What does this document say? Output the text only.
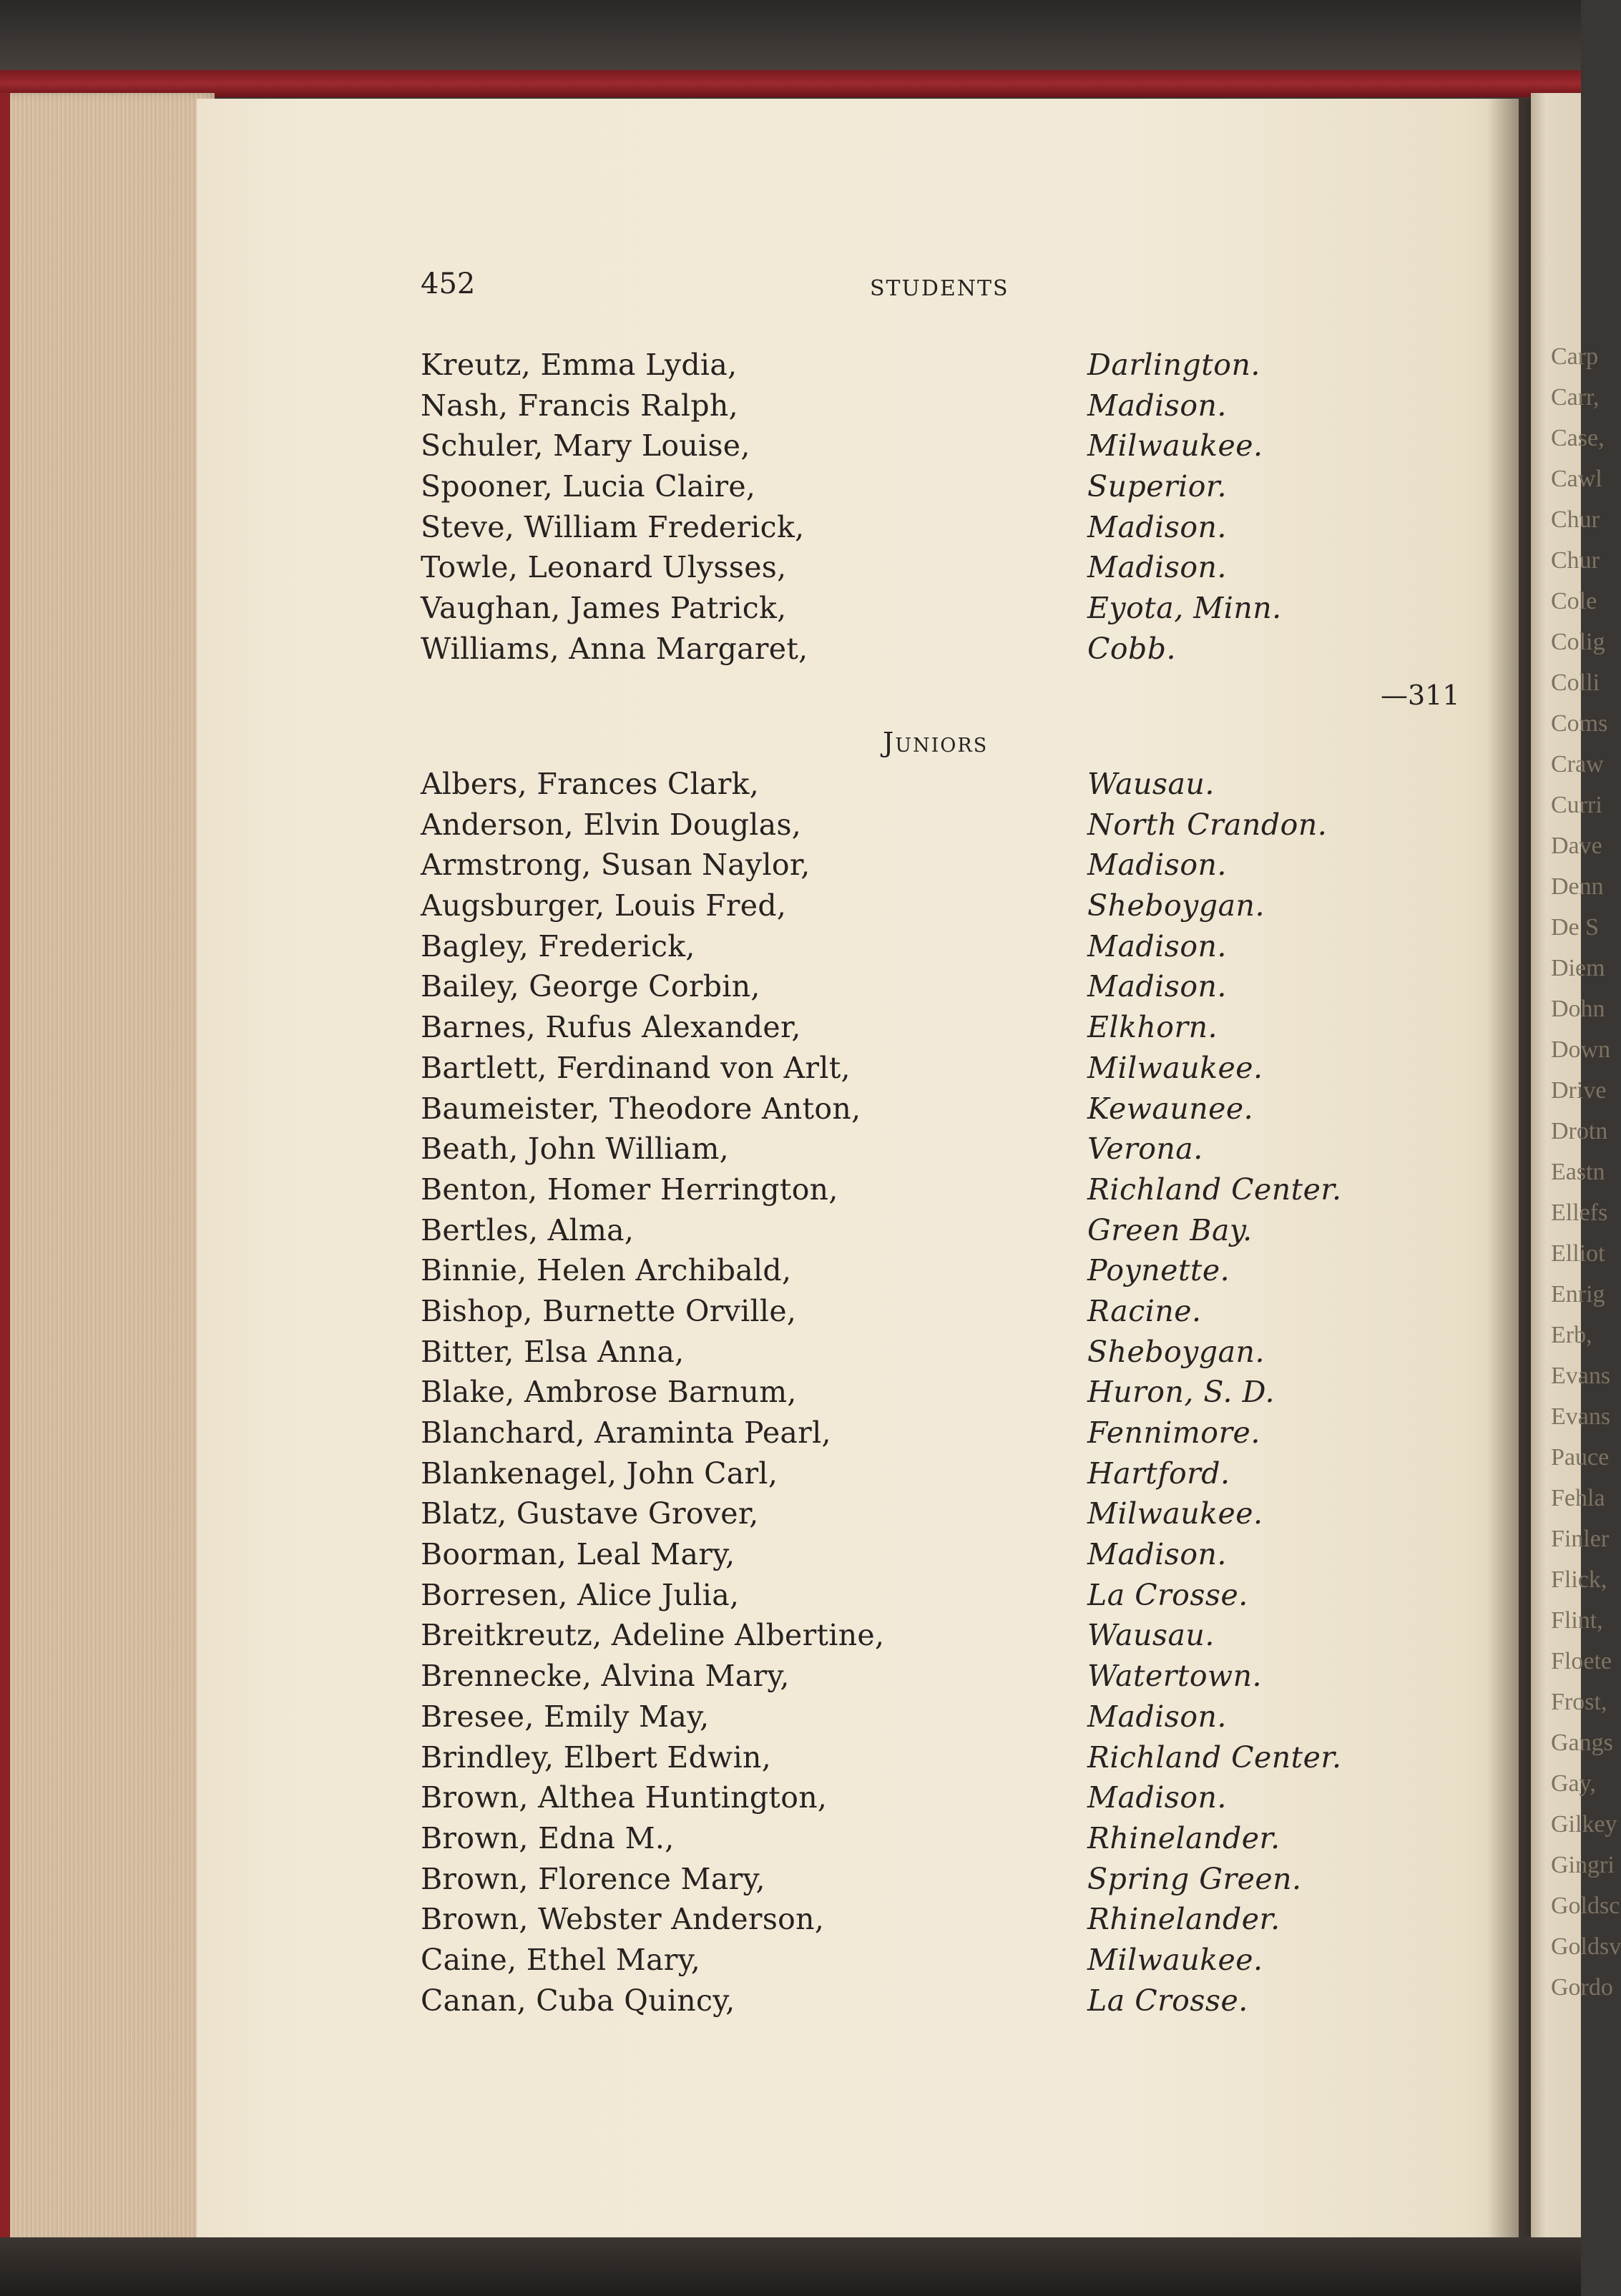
452	STUDENTS
Kreutz, Emma Lydia,	Darlington.
Nash, Francis Ralph,	Madison.
Schuler, Mary Louise,	Milwaukee.
Spooner, Lucia Claire,	Superior.
Steve, William Frederick,	Madison.
Towle, Leonard Ulysses,	Madison.
Vaughan, James Patrick,	Eyota, Minn.
Williams, Anna Margaret,	Cobb.
—311
Juniors
Albers, Frances Clark,	Wausau.
Anderson, Elvin Douglas,	North Crandon.
Armstrong, Susan Naylor,	Madison.
Augsburger, Louis Fred,	Sheboygan.
Bagley, Frederick,	Madison.
Bailey, George Corbin,	Madison.
Barnes, Rufus Alexander,	Elkhorn.
Bartlett, Ferdinand von Arlt,	Milwaukee.
Baumeister, Theodore Anton,	Kewaunee.
Beath, John William,	Verona.
Benton, Homer Herrington,	Richland Center.
Bertles, Alma,	Green Bay.
Binnie, Helen Archibald,	Poynette.
Bishop, Burnette Orville,	Racine.
Bitter, Elsa Anna,	Sheboygan.
Blake, Ambrose Barnum,	Huron, S. D.
Blanchard, Araminta Pearl,	Fennimore.
Blankenagel, John Carl,	Hartford.
Blatz, Gustave Grover,	Milwaukee.
Boorman, Leal Mary,	Madison.
Borresen, Alice Julia,	La Crosse.
Breitkreutz, Adeline Albertine,	Wausau.
Brennecke, Alvina Mary,	Watertown.
Bresee, Emily May,	Madison.
Brindley, Elbert Edwin,	Richland Center.
Brown, Althea Huntington,	Madison.
Brown, Edna M.,	Rhinelander.
Brown, Florence Mary,	Spring Green.
Brown, Webster Anderson,	Rhinelander.
Caine, Ethel Mary,	Milwaukee.
Canan, Cuba Quincy,	La Crosse.
Carp
Carr,
Case,
Cawl
Chur
Chur
Cole
Colig
Colli
Coms
Craw
Curri
Dave
Denn
De S
Diem
Dohn
Down
Drive
Drotn
Eastn
Ellefs
Elliot
Enrig
Erb,
Evans
Evans
Pauce
Fehla
Finler
Flick,
Flint,
Floete
Frost,
Gangs
Gay,
Gilkey
Gingri
Goldsc
Goldsv
Gordo
